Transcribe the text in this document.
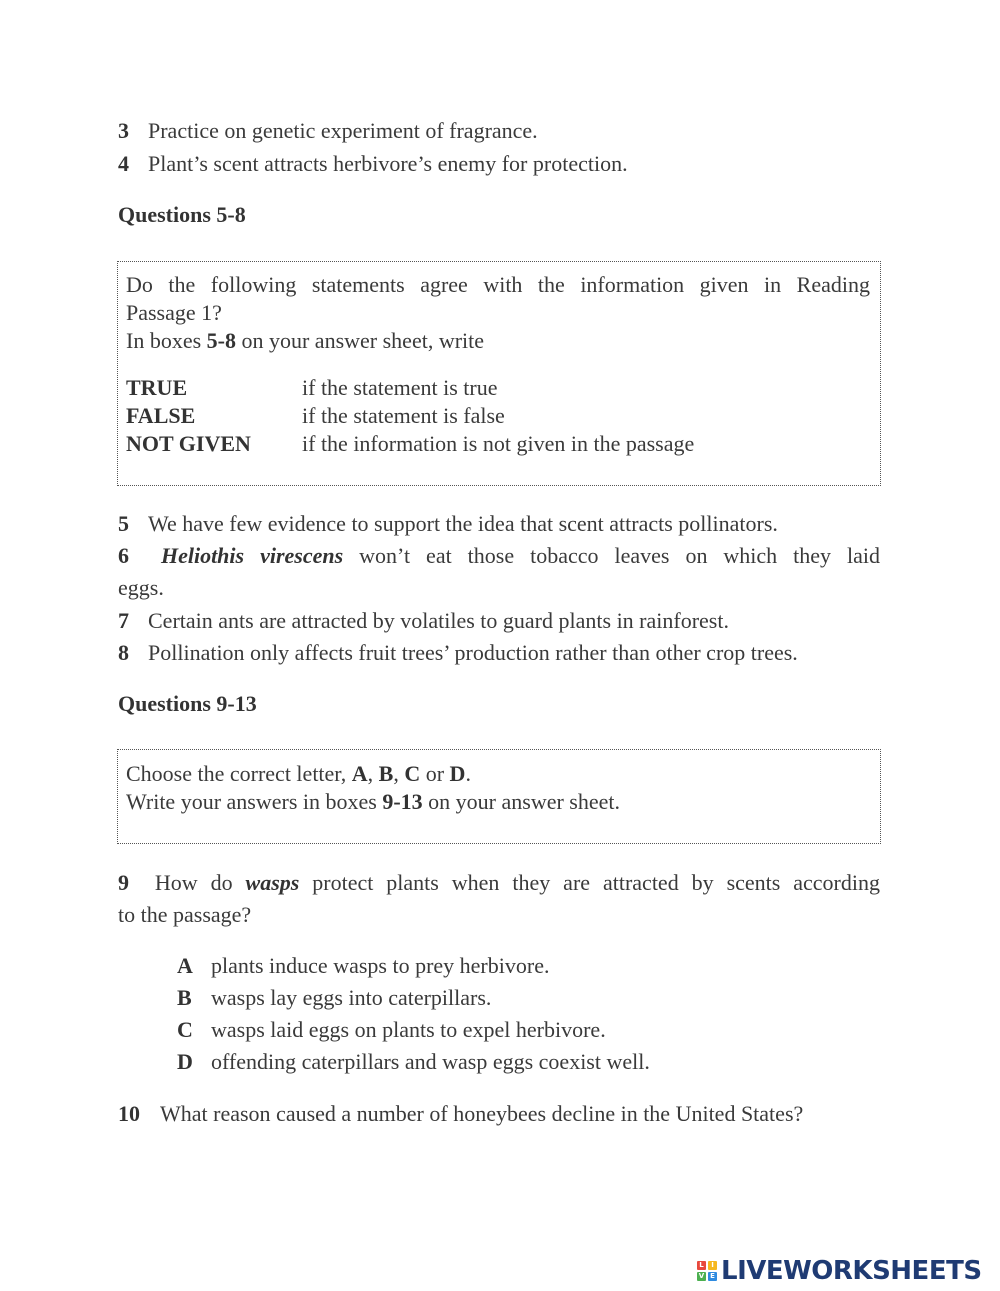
3 Practice on genetic experiment of fragrance.
4 Plant’s scent attracts herbivore’s enemy for protection.
Questions 5-8
Do the following statements agree with the information given in Reading
Passage 1?
In boxes 5-8 on your answer sheet, write
TRUE	if the statement is true
FALSE	if the statement is false
NOT GIVEN if the information is not given in the passage
5 We have few evidence to support the idea that scent attracts pollinators.
6 Heliothis virescens won’t eat those tobacco leaves on which they laid
eggs.
7 Certain ants are attracted by volatiles to guard plants in rainforest.
8 Pollination only affects fruit trees’ production rather than other crop trees.
Questions 9-13
Choose the correct letter, A, B, C or D.
Write your answers in boxes 9-13 on your answer sheet.
9 How do wasps protect plants when they are attracted by scents according
to the passage?
A plants induce wasps to prey herbivore.
B wasps lay eggs into caterpillars.
C wasps laid eggs on plants to expel herbivore.
D offending caterpillars and wasp eggs coexist well.
10 What reason caused a number of honeybees decline in the United States?
L	I
V E LIVEWORKSHEETS
